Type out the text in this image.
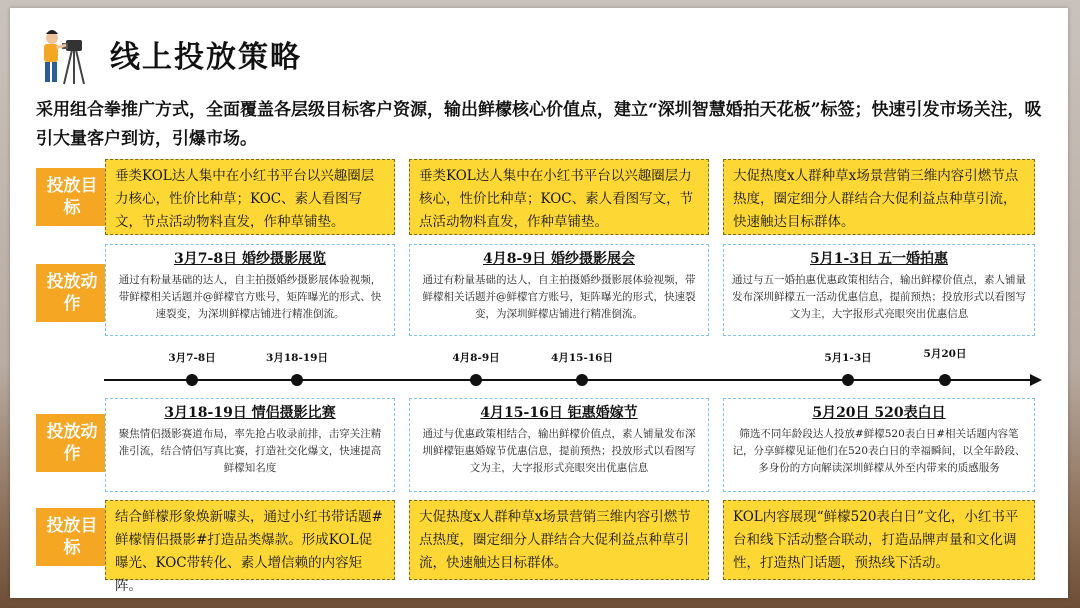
线上投放策略
采用组合拳推广方式，全面覆盖各层级目标客户资源，输出鲜檬核心价值点，建立“深圳智慧婚拍天花板”标签；快速引发市场关注，吸引大量客户到访，引爆市场。
投放目标
投放动作
投放动作
投放目标
垂类KOL达人集中在小红书平台以兴趣圈层力核心，性价比种草；KOC、素人看图写文，节点活动物料直发，作种草铺垫。
垂类KOL达人集中在小红书平台以兴趣圈层力核心，性价比种草；KOC、素人看图写文，节点活动物料直发，作种草铺垫。
大促热度x人群种草x场景营销三维内容引燃节点热度，圈定细分人群结合大促利益点种草引流，快速触达目标群体。
3月7-8日 婚纱摄影展览
通过有粉量基础的达人，自主拍摄婚纱摄影展体验视频，带鲜檬相关话题并@鲜檬官方账号，矩阵曝光的形式、快速裂变，为深圳鲜檬店铺进行精准倒流。
4月8-9日 婚纱摄影展会
通过有粉量基础的达人，自主拍摄婚纱摄影展体验视频，带鲜檬相关话题并@鲜檬官方账号，矩阵曝光的形式，快速裂变，为深圳鲜檬店铺进行精准倒流。
5月1-3日 五一婚拍惠
通过与五一婚拍惠优惠政策相结合，输出鲜檬价值点，素人铺量发布深圳鲜檬五一活动优惠信息，提前预热；投放形式以看图写文为主，大字报形式亮眼突出优惠信息
3月7-8日	3月18-19日	4月8-9日	4月15-16日	5月1-3日	5月20日
3月18-19日 情侣摄影比赛
聚焦情侣摄影赛道布局，率先抢占收录前排，击穿关注精准引流，结合情侣写真比赛，打造社交化爆文，快速提高鲜檬知名度
4月15-16日 钜惠婚嫁节
通过与优惠政策相结合，输出鲜檬价值点，素人铺量发布深圳鲜檬钜惠婚嫁节优惠信息，提前预热；投放形式以看图写文为主，大字报形式亮眼突出优惠信息
5月20日 520表白日
筛选不同年龄段达人投放#鲜檬520表白日#相关话题内容笔记，分享鲜檬见证他们在520表白日的幸福瞬间，以全年龄段、多身份的方向解读深圳鲜檬从外至内带来的质感服务
结合鲜檬形象焕新噱头，通过小红书带话题#鲜檬情侣摄影#打造品类爆款。形成KOL促曝光、KOC带转化、素人增信赖的内容矩阵。
大促热度x人群种草x场景营销三维内容引燃节点热度，圈定细分人群结合大促利益点种草引流，快速触达目标群体。
KOL内容展现“鲜檬520表白日”文化，小红书平台和线下活动整合联动，打造品牌声量和文化调性，打造热门话题，预热线下活动。
